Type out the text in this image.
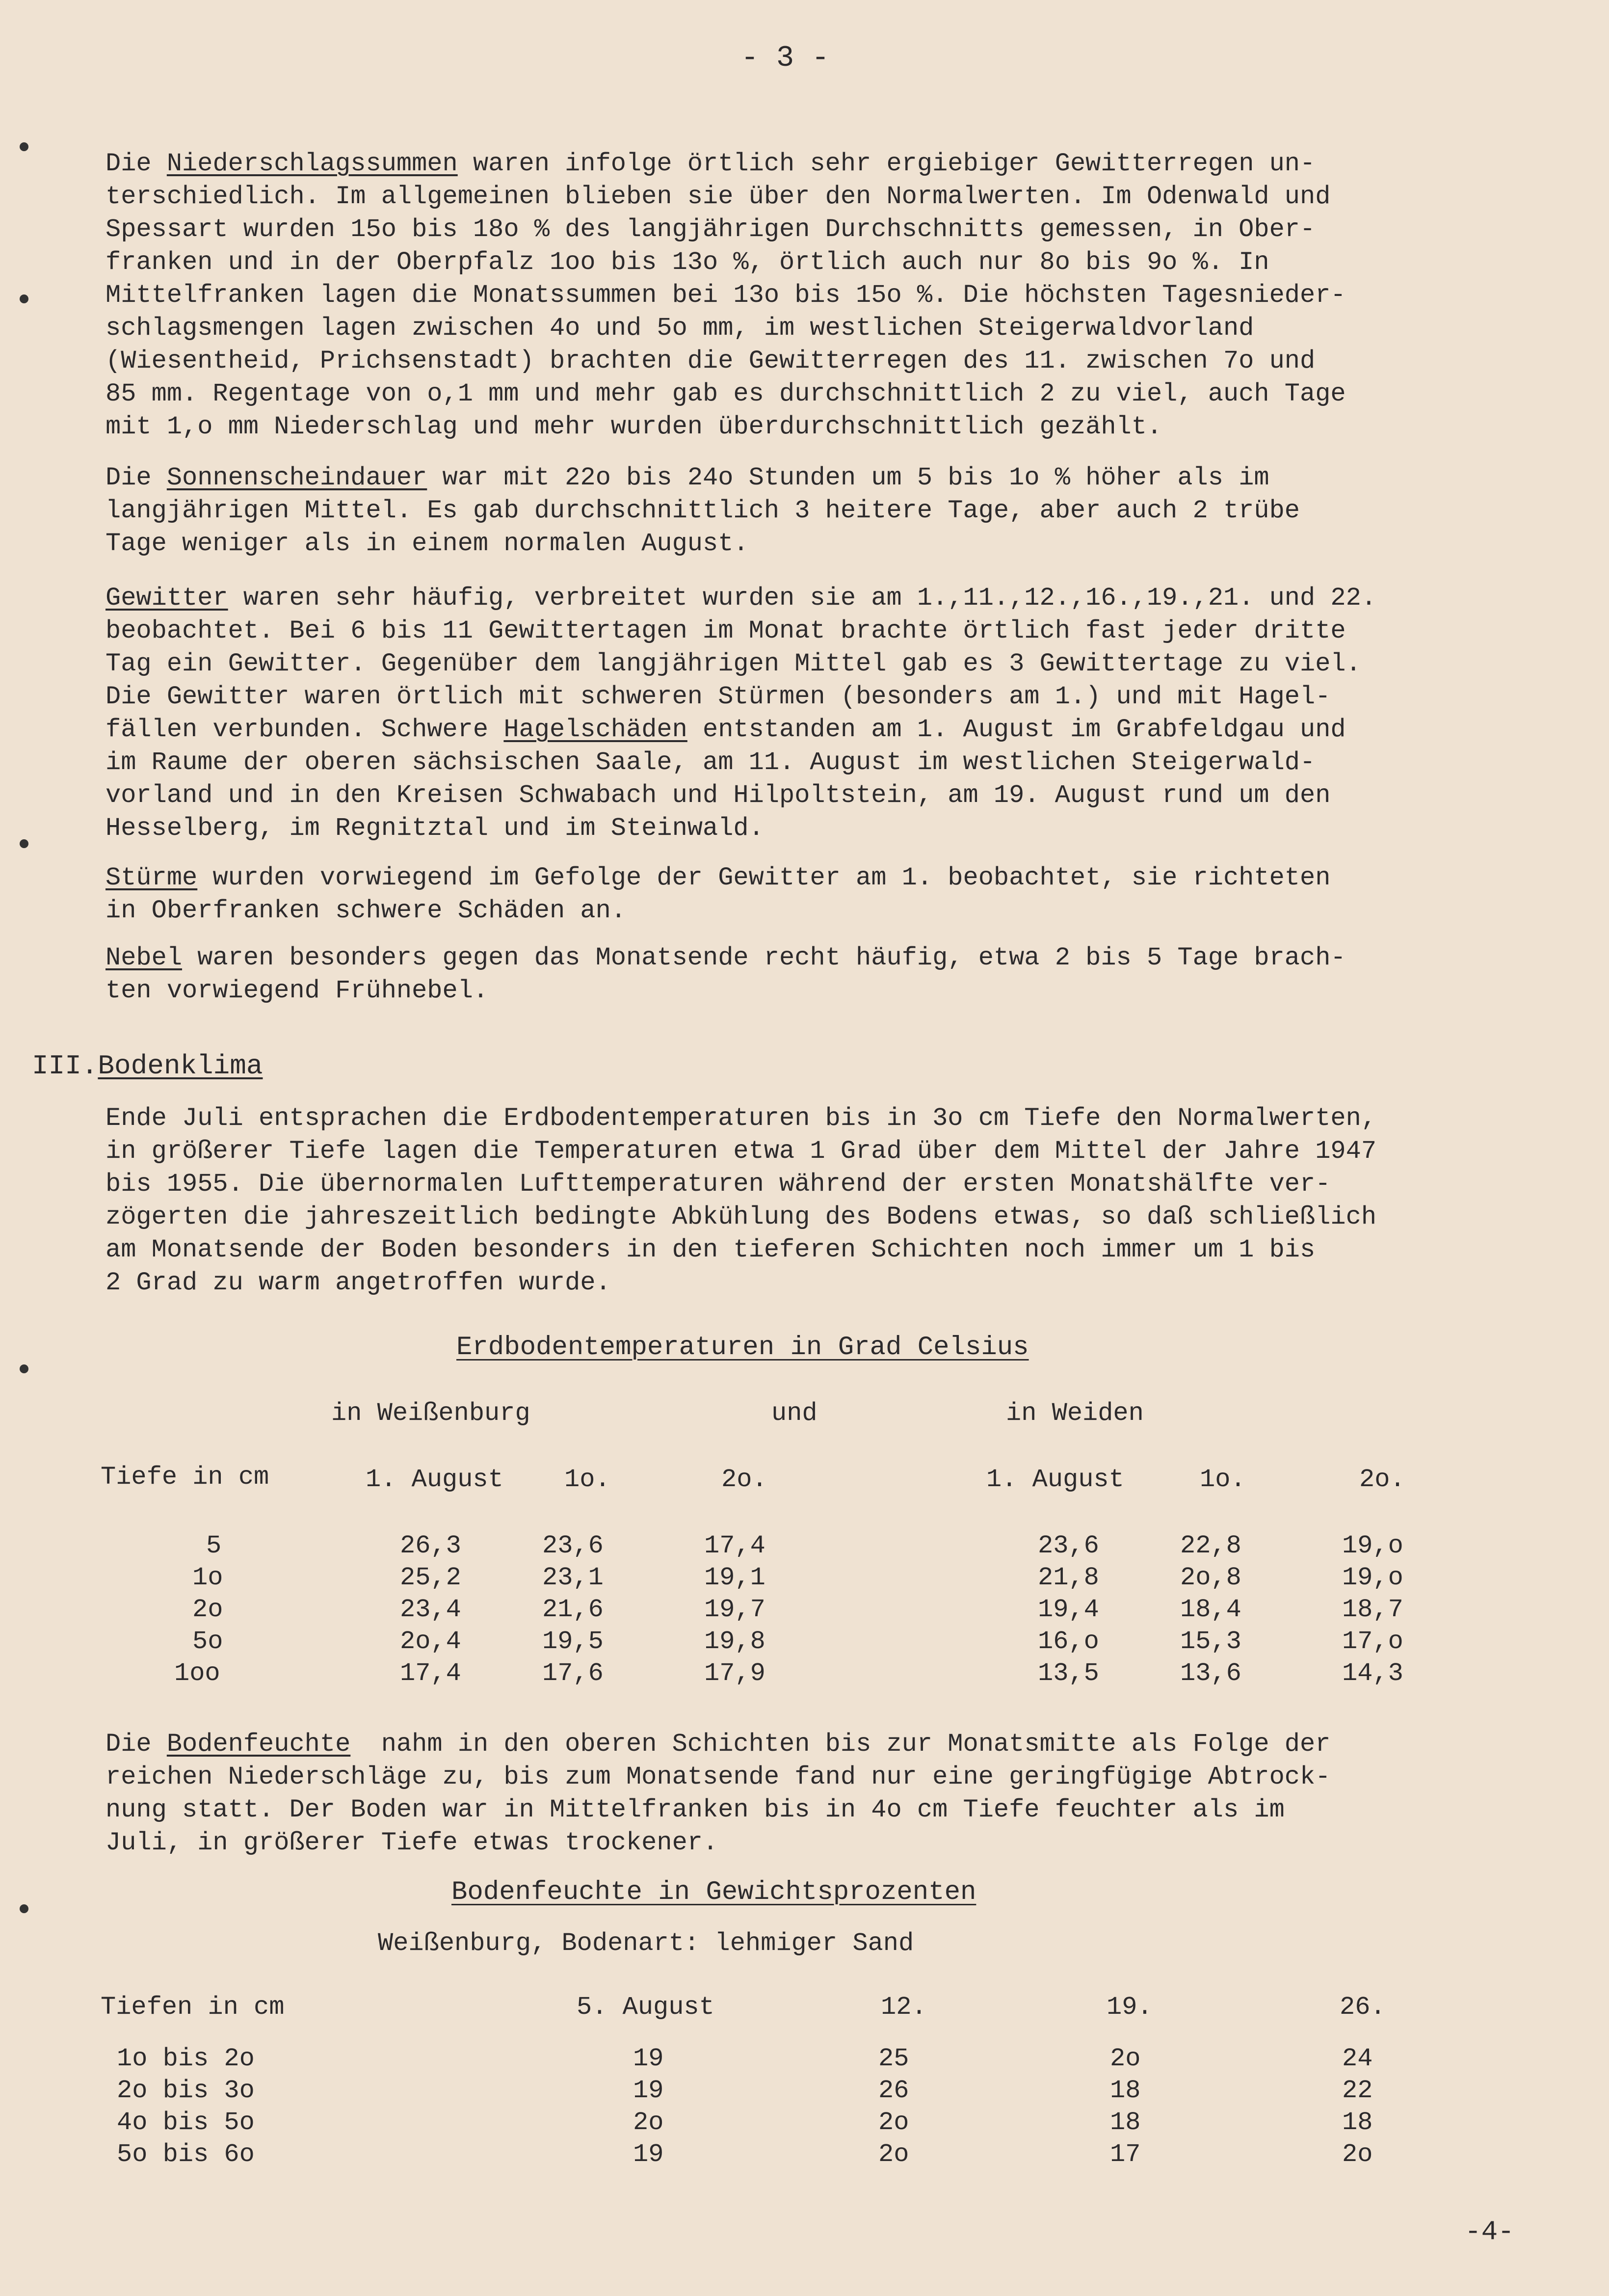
- 3 -

Die Niederschlagssummen waren infolge örtlich sehr ergiebiger Gewitterregen un-
terschiedlich. Im allgemeinen blieben sie über den Normalwerten. Im Odenwald und
Spessart wurden 15o bis 18o % des langjährigen Durchschnitts gemessen, in Ober-
franken und in der Oberpfalz 1oo bis 13o %, örtlich auch nur 8o bis 9o %. In
Mittelfranken lagen die Monatssummen bei 13o bis 15o %. Die höchsten Tagesnieder-
schlagsmengen lagen zwischen 4o und 5o mm, im westlichen Steigerwaldvorland
(Wiesentheid, Prichsenstadt) brachten die Gewitterregen des 11. zwischen 7o und
85 mm. Regentage von o,1 mm und mehr gab es durchschnittlich 2 zu viel, auch Tage
mit 1,o mm Niederschlag und mehr wurden überdurchschnittlich gezählt.

Die Sonnenscheindauer war mit 22o bis 24o Stunden um 5 bis 1o % höher als im
langjährigen Mittel. Es gab durchschnittlich 3 heitere Tage, aber auch 2 trübe
Tage weniger als in einem normalen August.

Gewitter waren sehr häufig, verbreitet wurden sie am 1.,11.,12.,16.,19.,21. und 22.
beobachtet. Bei 6 bis 11 Gewittertagen im Monat brachte örtlich fast jeder dritte
Tag ein Gewitter. Gegenüber dem langjährigen Mittel gab es 3 Gewittertage zu viel.
Die Gewitter waren örtlich mit schweren Stürmen (besonders am 1.) und mit Hagel-
fällen verbunden. Schwere Hagelschäden entstanden am 1. August im Grabfeldgau und
im Raume der oberen sächsischen Saale, am 11. August im westlichen Steigerwald-
vorland und in den Kreisen Schwabach und Hilpoltstein, am 19. August rund um den
Hesselberg, im Regnitztal und im Steinwald.

Stürme wurden vorwiegend im Gefolge der Gewitter am 1. beobachtet, sie richteten
in Oberfranken schwere Schäden an.

Nebel waren besonders gegen das Monatsende recht häufig, etwa 2 bis 5 Tage brach-
ten vorwiegend Frühnebel.

III.Bodenklima

Ende Juli entsprachen die Erdbodentemperaturen bis in 3o cm Tiefe den Normalwerten,
in größerer Tiefe lagen die Temperaturen etwa 1 Grad über dem Mittel der Jahre 1947
bis 1955. Die übernormalen Lufttemperaturen während der ersten Monatshälfte ver-
zögerten die jahreszeitlich bedingte Abkühlung des Bodens etwas, so daß schließlich
am Monatsende der Boden besonders in den tieferen Schichten noch immer um 1 bis
2 Grad zu warm angetroffen wurde.

Erdbodentemperaturen in Grad Celsius
in Weißenburg	und	in Weiden
Tiefe in cm	1. August 1o.	2o.	1. August	1o.	2o.
5	26,3	23,6	17,4	23,6	22,8	19,o
1o	25,2	23,1	19,1	21,8	2o,8	19,o
2o	23,4	21,6	19,7	19,4	18,4	18,7
5o	2o,4	19,5	19,8	16,o	15,3	17,o
1oo	17,4	17,6	17,9	13,5	13,6	14,3

Die Bodenfeuchte  nahm in den oberen Schichten bis zur Monatsmitte als Folge der
reichen Niederschläge zu, bis zum Monatsende fand nur eine geringfügige Abtrock-
nung statt. Der Boden war in Mittelfranken bis in 4o cm Tiefe feuchter als im
Juli, in größerer Tiefe etwas trockener.

Bodenfeuchte in Gewichtsprozenten
Weißenburg, Bodenart: lehmiger Sand
Tiefen in cm	5. August	12.	19.	26.
1o bis 2o	19	25	2o	24
2o bis 3o	19	26	18	22
4o bis 5o	2o	2o	18	18
5o bis 6o	19	2o	17	2o
-4-
